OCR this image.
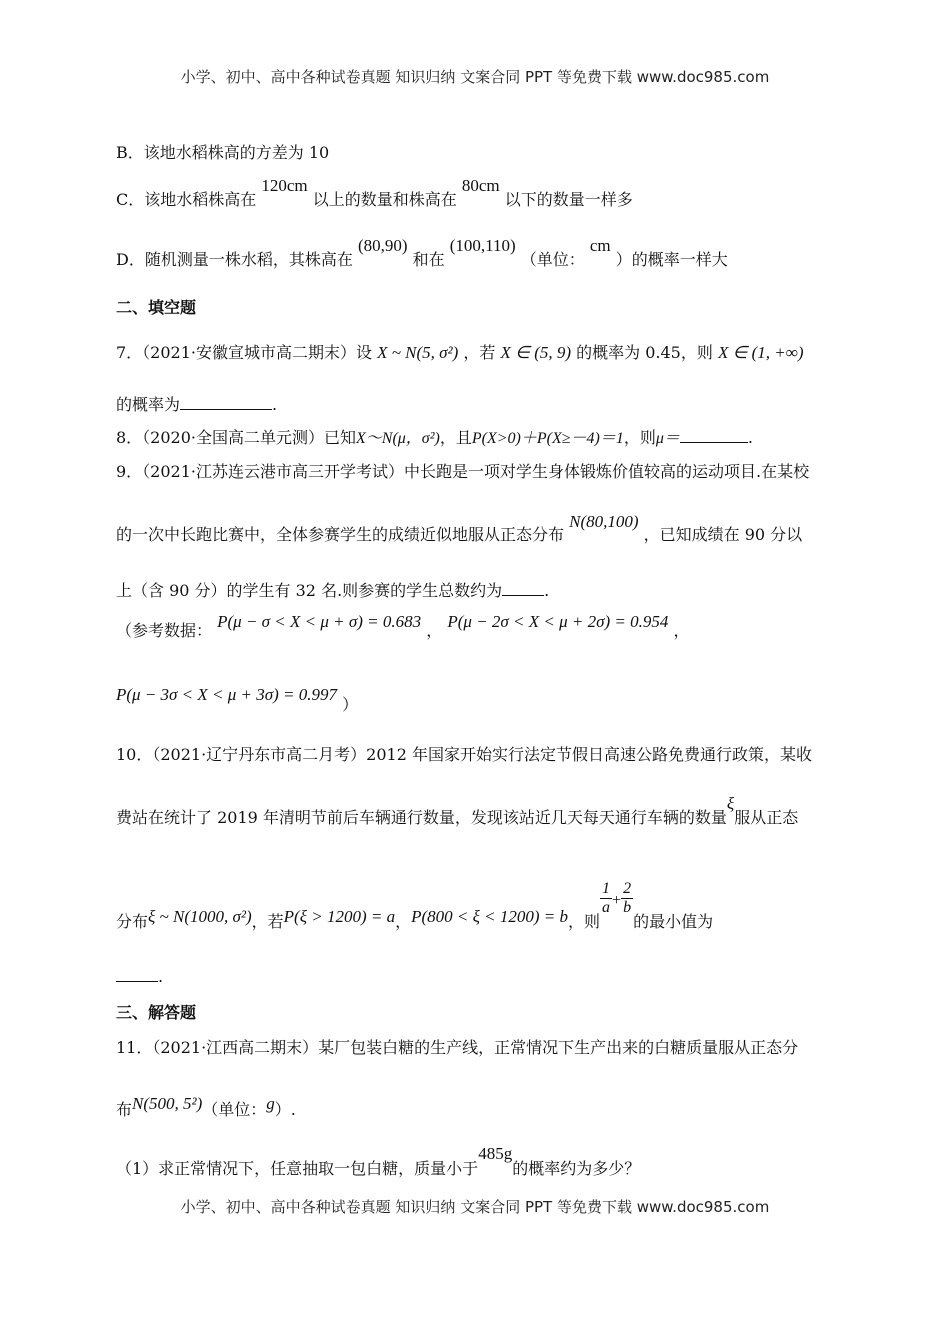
小学、初中、高中各种试卷真题 知识归纳 文案合同 PPT 等免费下载 www.doc985.com
B．该地水稻株高的方差为 10
C．该地水稻株高在 120cm 以上的数量和株高在 80cm 以下的数量一样多
D．随机测量一株水稻，其株高在 (80,90) 和在 (100,110) （单位： cm ）的概率一样大
二、填空题
7．（2021·安徽宣城市高二期末）设 X ~ N(5, σ²) ，若 X ∈ (5, 9) 的概率为 0.45，则 X ∈ (1, +∞)
的概率为	.
8．（2020·全国高二单元测）已知X～N(μ，σ²)，且P(X>0)＋P(X≥－4)＝1，则μ＝	.
9．（2021·江苏连云港市高三开学考试）中长跑是一项对学生身体锻炼价值较高的运动项目.在某校
的一次中长跑比赛中，全体参赛学生的成绩近似地服从正态分布 N(80,100) ，已知成绩在 90 分以
上（含 90 分）的学生有 32 名.则参赛的学生总数约为	.
（参考数据： P(μ − σ < X < μ + σ) = 0.683 ， P(μ − 2σ < X < μ + 2σ) = 0.954 ，
P(μ − 3σ < X < μ + 3σ) = 0.997 ）
10．（2021·辽宁丹东市高二月考）2012 年国家开始实行法定节假日高速公路免费通行政策，某收
费站在统计了 2019 年清明节前后车辆通行数量，发现该站近几天每天通行车辆的数量ξ服从正态
分布ξ ~ N(1000, σ²)，若P(ξ > 1200) = a，P(800 < ξ < 1200) = b，则
$\frac{1}{a} + \frac{2}{b}$
的最小值为
.
三、解答题
11．（2021·江西高二期末）某厂包装白糖的生产线，正常情况下生产出来的白糖质量服从正态分
布N(500, 5²)（单位：g）.
（1）求正常情况下，任意抽取一包白糖，质量小于485g的概率约为多少？
小学、初中、高中各种试卷真题 知识归纳 文案合同 PPT 等免费下载 www.doc985.com
